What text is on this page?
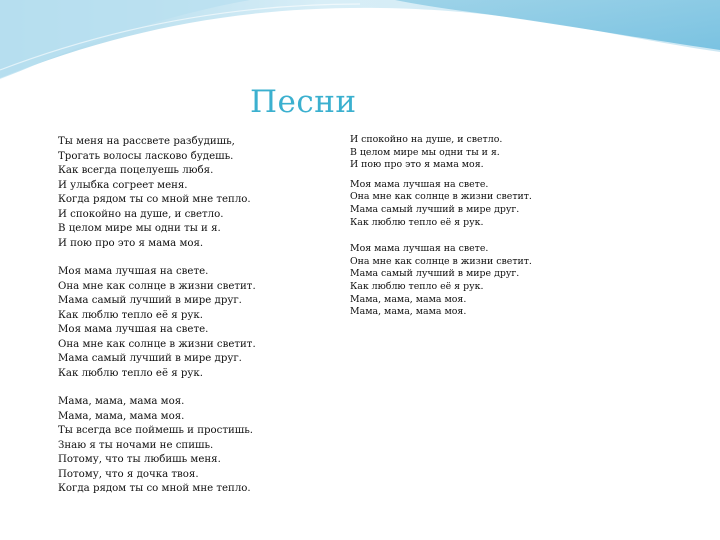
Песни
Ты меня на рассвете разбудишь,
Трогать волосы ласково будешь.
Как всегда поцелуешь любя.
И улыбка согреет меня.
Когда рядом ты со мной мне тепло.
И спокойно на душе, и светло.
В целом мире мы одни ты и я.
И пою про это я мама моя.
Моя мама лучшая на свете.
Она мне как солнце в жизни светит.
Мама самый лучший в мире друг.
Как люблю тепло её я рук.
Моя мама лучшая на свете.
Она мне как солнце в жизни светит.
Мама самый лучший в мире друг.
Как люблю тепло её я рук.
Мама, мама, мама моя.
Мама, мама, мама моя.
Ты всегда все поймешь и простишь.
Знаю я ты ночами не спишь.
Потому, что ты любишь меня.
Потому, что я дочка твоя.
Когда рядом ты со мной мне тепло.
И спокойно на душе, и светло.
В целом мире мы одни ты и я.
И пою про это я мама моя.
Моя мама лучшая на свете.
Она мне как солнце в жизни светит.
Мама самый лучший в мире друг.
Как люблю тепло её я рук.
Моя мама лучшая на свете.
Она мне как солнце в жизни светит.
Мама самый лучший в мире друг.
Как люблю тепло её я рук.
Мама, мама, мама моя.
Мама, мама, мама моя.
